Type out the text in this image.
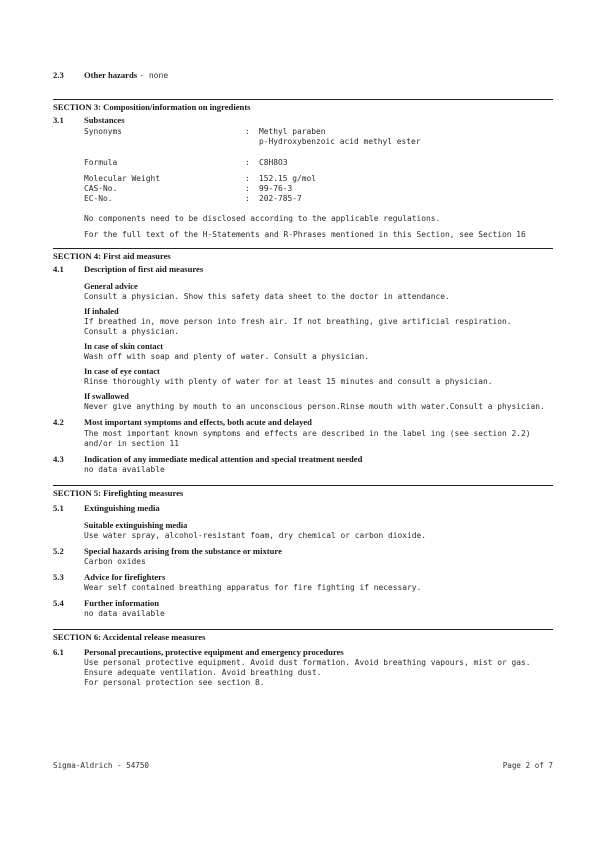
2.3	Other hazards - none
SECTION 3: Composition/information on ingredients
3.1	Substances
Synonyms	:	Methyl paraben
p-Hydroxybenzoic acid methyl ester
Formula	:	C8H8O3
Molecular Weight	:	152.15 g/mol
CAS-No.	:	99-76-3
EC-No.	:	202-785-7
No components need to be disclosed according to the applicable regulations.
For the full text of the H-Statements and R-Phrases mentioned in this Section, see Section 16
SECTION 4: First aid measures
4.1	Description of first aid measures
General advice
Consult a physician. Show this safety data sheet to the doctor in attendance.
If inhaled
If breathed in, move person into fresh air. If not breathing, give artificial respiration.
Consult a physician.
In case of skin contact
Wash off with soap and plenty of water. Consult a physician.
In case of eye contact
Rinse thoroughly with plenty of water for at least 15 minutes and consult a physician.
If swallowed
Never give anything by mouth to an unconscious person.Rinse mouth with water.Consult a physician.
4.2	Most important symptoms and effects, both acute and delayed
The most important known symptoms and effects are described in the label ing (see section 2.2)
and/or in section 11
4.3	Indication of any immediate medical attention and special treatment needed
no data available
SECTION 5: Firefighting measures
5.1	Extinguishing media
Suitable extinguishing media
Use water spray, alcohol-resistant foam, dry chemical or carbon dioxide.
5.2	Special hazards arising from the substance or mixture
Carbon oxides
5.3	Advice for firefighters
Wear self contained breathing apparatus for fire fighting if necessary.
5.4	Further information
no data available
SECTION 6: Accidental release measures
6.1	Personal precautions, protective equipment and emergency procedures
Use personal protective equipment. Avoid dust formation. Avoid breathing vapours, mist or gas.
Ensure adequate ventilation. Avoid breathing dust.
For personal protection see section 8.
Sigma-Aldrich - 54750	Page 2 of 7
